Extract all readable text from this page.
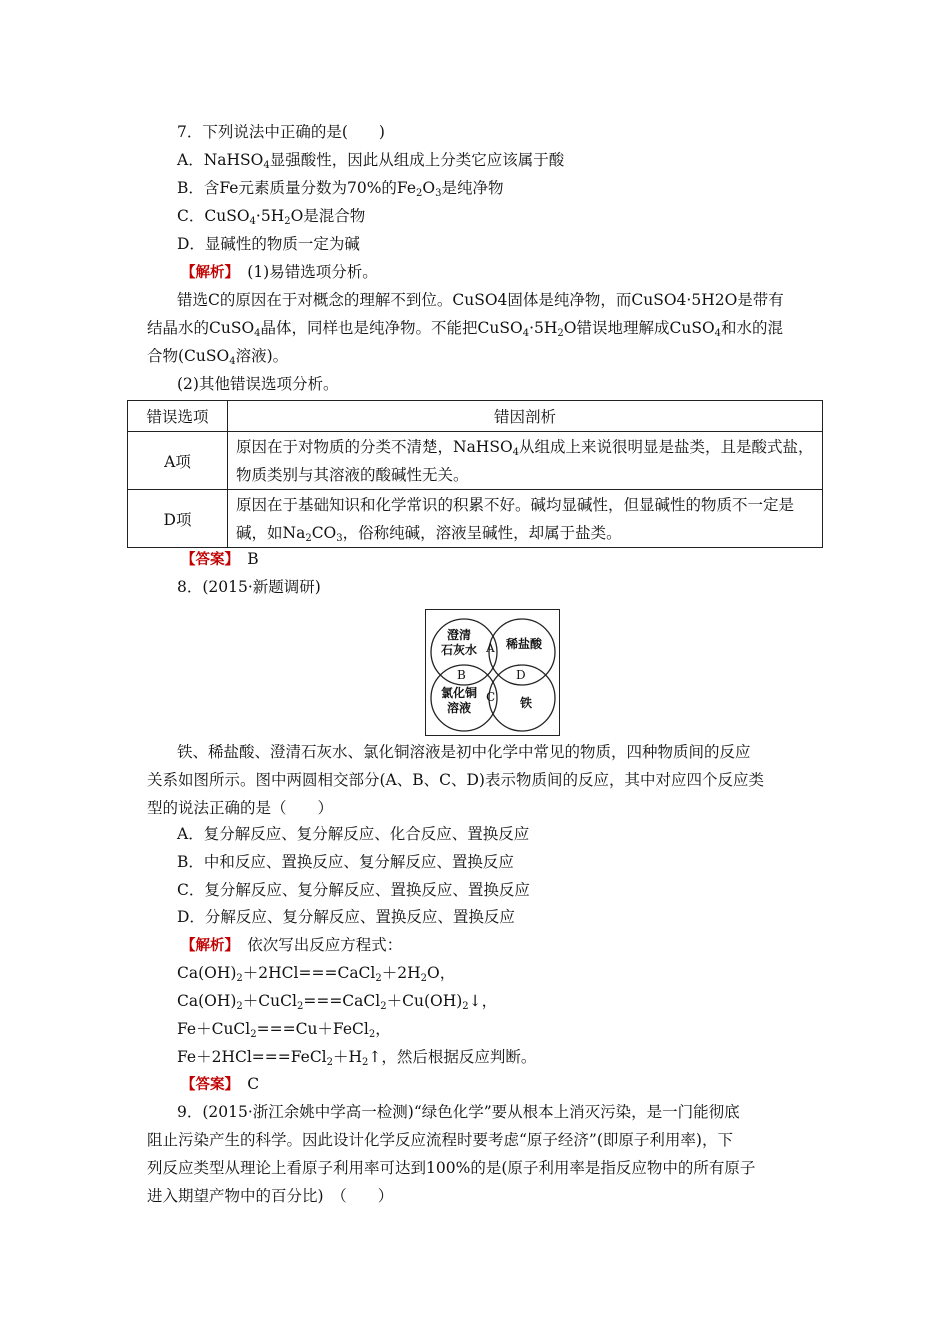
7．下列说法中正确的是(　　)
A．NaHSO$_4$显强酸性，因此从组成上分类它应该属于酸
B．含Fe元素质量分数为70%的$Fe_2O_3$是纯净物
C．$CuSO_4\cdot 5H_2O$是混合物
D．显碱性的物质一定为碱
【解析】　 (1)易错选项分析。
错选C的原因在于对概念的理解不到位。CuSO4固体是纯净物，而CuSO4·5H2O是带有
结晶水的CuSO$_4$晶体，同样也是纯净物。不能把$CuSO_4\cdot 5H_2O$错误地理解成CuSO$_4$和水的混
合物(CuSO$_4$溶液)。
(2)其他错误选项分析。
错误选项	错因剖析
A项	原因在于对物质的分类不清楚，NaHSO$_4$从组成上来说很明显是盐类，且是酸式盐，物质类别与其溶液的酸碱性无关。
D项	原因在于基础知识和化学常识的积累不好。碱均显碱性，但显碱性的物质不一定是碱，如$Na_2CO_3$，俗称纯碱，溶液呈碱性，却属于盐类。
【答案】　 B
8．(2015·新题调研)
澄清
石灰水	稀盐酸
A
B	D
C
氯化铜
溶液	铁
铁、稀盐酸、澄清石灰水、氯化铜溶液是初中化学中常见的物质，四种物质间的反应
关系如图所示。图中两圆相交部分(A、B、C、D)表示物质间的反应，其中对应四个反应类
型的说法正确的是（　　）
A．复分解反应、复分解反应、化合反应、置换反应
B．中和反应、置换反应、复分解反应、置换反应
C．复分解反应、复分解反应、置换反应、置换反应
D．分解反应、复分解反应、置换反应、置换反应
【解析】　 依次写出反应方程式：
$Ca(OH)_2+2HCl===CaCl_2+2H_2O$，
$Ca(OH)_2+CuCl_2===CaCl_2+Cu(OH)_2↓$，
Fe＋CuCl$_2$===Cu＋FeCl$_2$，
$Fe+2HCl===FeCl_2+H_2↑$，然后根据反应判断。
【答案】　 C
9．(2015·浙江余姚中学高一检测)“绿色化学”要从根本上消灭污染，是一门能彻底
阻止污染产生的科学。因此设计化学反应流程时要考虑“原子经济”(即原子利用率)，下
列反应类型从理论上看原子利用率可达到100%的是(原子利用率是指反应物中的所有原子
进入期望产物中的百分比)　（　　）
